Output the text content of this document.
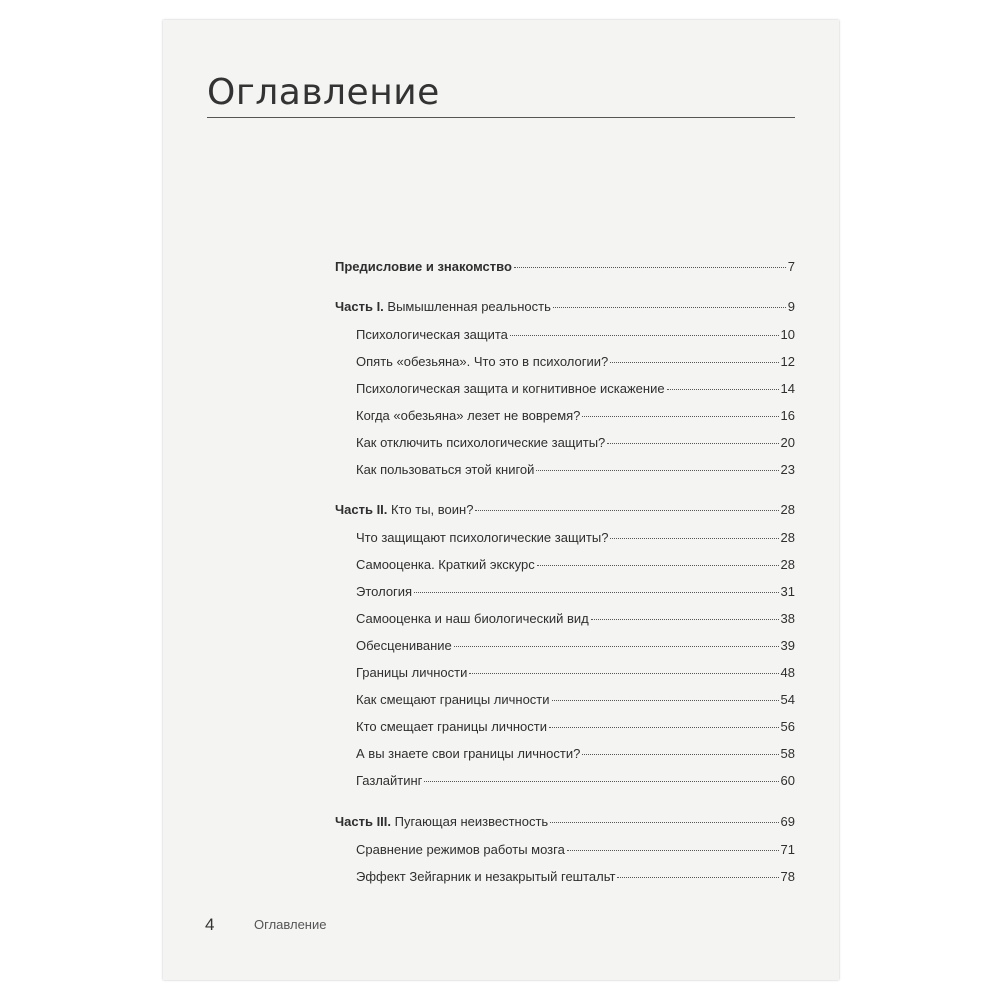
Оглавление
Предисловие и знакомство	7
Часть I. Вымышленная реальность	9
Психологическая защита	10
Опять «обезьяна». Что это в психологии?	12
Психологическая защита и когнитивное искажение	14
Когда «обезьяна» лезет не вовремя?	16
Как отключить психологические защиты?	20
Как пользоваться этой книгой	23
Часть II. Кто ты, воин?	28
Что защищают психологические защиты?	28
Самооценка. Краткий экскурс	28
Этология	31
Самооценка и наш биологический вид	38
Обесценивание	39
Границы личности	48
Как смещают границы личности	54
Кто смещает границы личности	56
А вы знаете свои границы личности?	58
Газлайтинг	60
Часть III. Пугающая неизвестность	69
Сравнение режимов работы мозга	71
Эффект Зейгарник и незакрытый гештальт	78
4	Оглавление
